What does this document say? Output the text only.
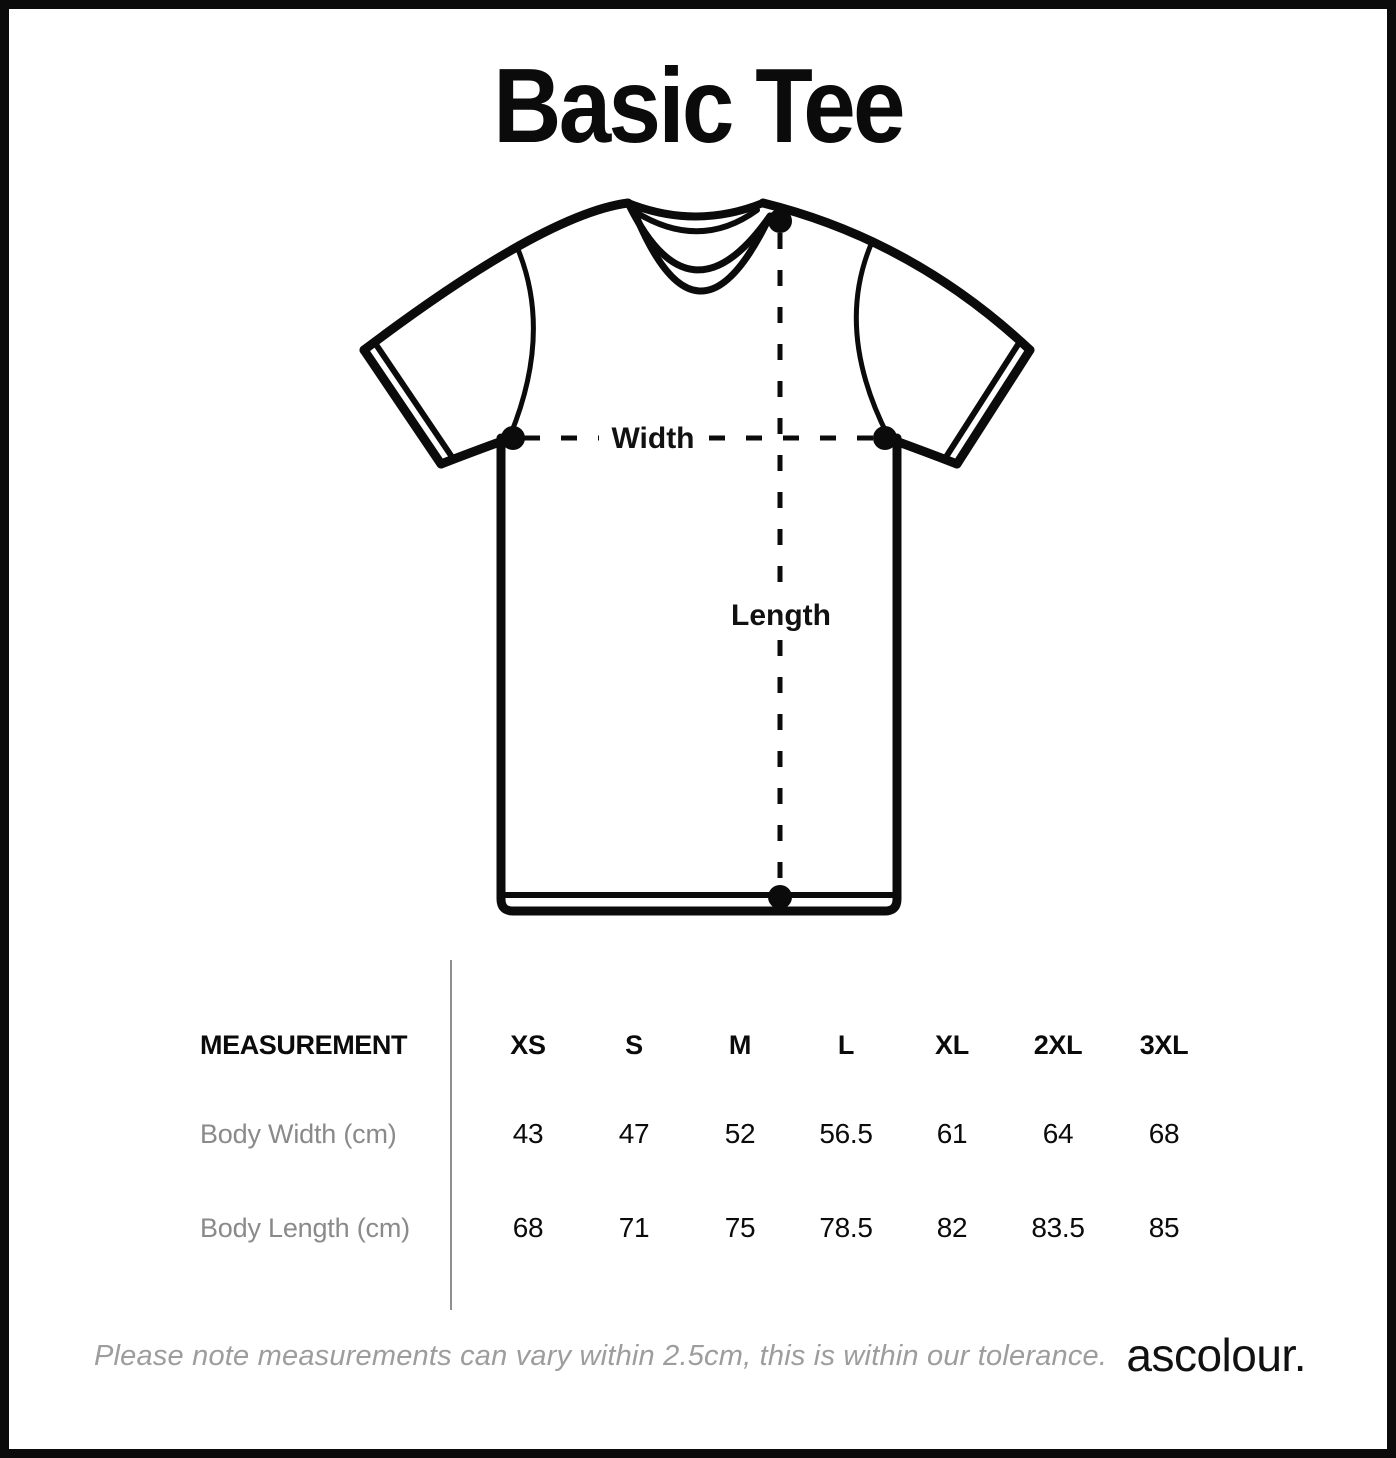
Basic Tee
Width
Length
MEASUREMENT	XS	S	M	L	XL	2XL	3XL
Body Width (cm)	43	47	52	56.5	61	64	68
Body Length (cm)	68	71	75	78.5	82	83.5	85
Please note measurements can vary within 2.5cm, this is within our tolerance. ascolour.
